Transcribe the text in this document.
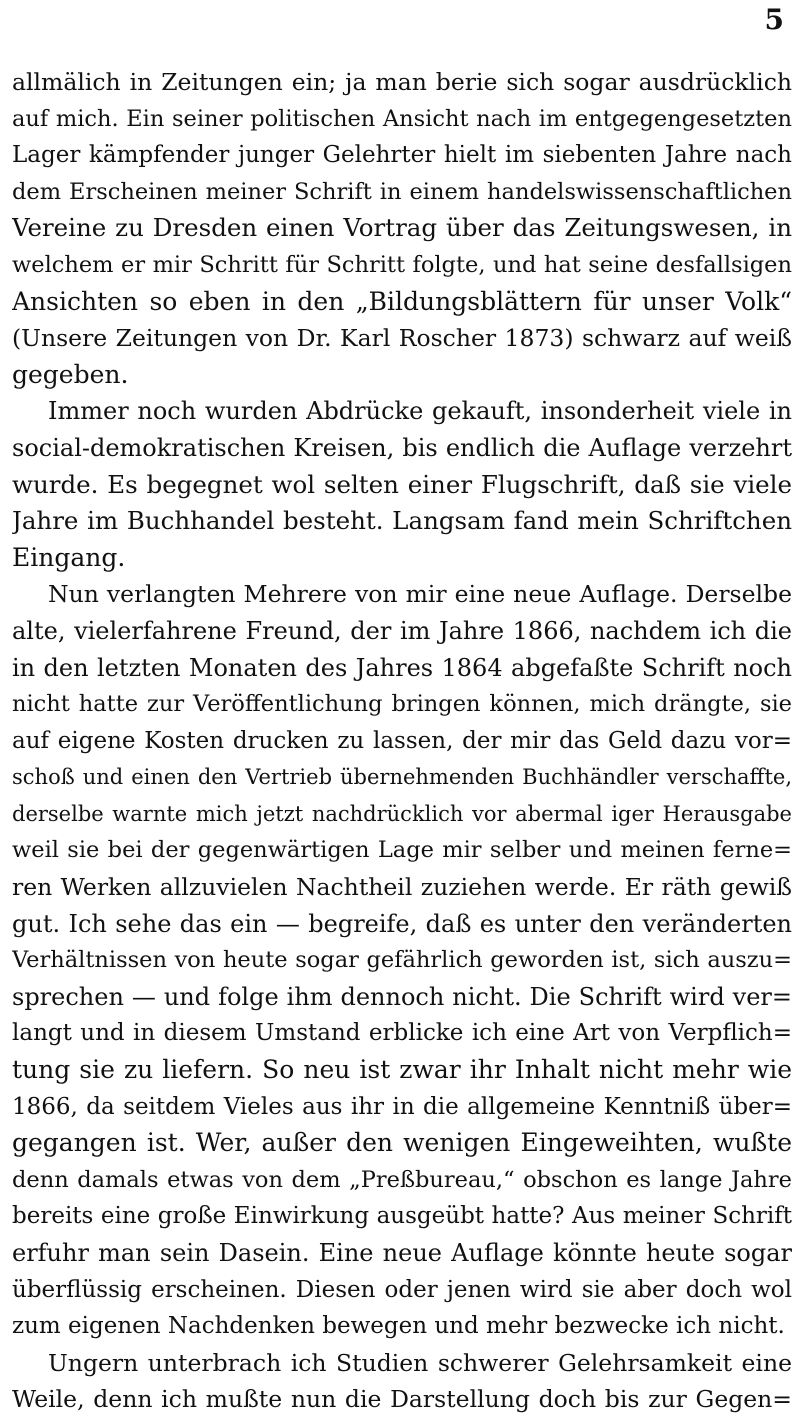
5
allmälich in Zeitungen ein; ja man berie sich sogar ausdrücklich
auf mich. Ein seiner politischen Ansicht nach im entgegengesetzten
Lager kämpfender junger Gelehrter hielt im siebenten Jahre nach
dem Erscheinen meiner Schrift in einem handelswissenschaftlichen
Vereine zu Dresden einen Vortrag über das Zeitungswesen, in
welchem er mir Schritt für Schritt folgte, und hat seine desfallsigen
Ansichten so eben in den „Bildungsblättern für unser Volk“
(Unsere Zeitungen von Dr. Karl Roscher 1873) schwarz auf weiß
gegeben.
Immer noch wurden Abdrücke gekauft, insonderheit viele in
social-demokratischen Kreisen, bis endlich die Auflage verzehrt
wurde. Es begegnet wol selten einer Flugschrift, daß sie viele
Jahre im Buchhandel besteht. Langsam fand mein Schriftchen
Eingang.
Nun verlangten Mehrere von mir eine neue Auflage. Derselbe
alte, vielerfahrene Freund, der im Jahre 1866, nachdem ich die
in den letzten Monaten des Jahres 1864 abgefaßte Schrift noch
nicht hatte zur Veröffentlichung bringen können, mich drängte, sie
auf eigene Kosten drucken zu lassen, der mir das Geld dazu vor=
schoß und einen den Vertrieb übernehmenden Buchhändler verschaffte,
derselbe warnte mich jetzt nachdrücklich vor abermal iger Herausgabe
weil sie bei der gegenwärtigen Lage mir selber und meinen ferne=
ren Werken allzuvielen Nachtheil zuziehen werde. Er räth gewiß
gut. Ich sehe das ein — begreife, daß es unter den veränderten
Verhältnissen von heute sogar gefährlich geworden ist, sich auszu=
sprechen — und folge ihm dennoch nicht. Die Schrift wird ver=
langt und in diesem Umstand erblicke ich eine Art von Verpflich=
tung sie zu liefern. So neu ist zwar ihr Inhalt nicht mehr wie
1866, da seitdem Vieles aus ihr in die allgemeine Kenntniß über=
gegangen ist. Wer, außer den wenigen Eingeweihten, wußte
denn damals etwas von dem „Preßbureau,“ obschon es lange Jahre
bereits eine große Einwirkung ausgeübt hatte? Aus meiner Schrift
erfuhr man sein Dasein. Eine neue Auflage könnte heute sogar
überflüssig erscheinen. Diesen oder jenen wird sie aber doch wol
zum eigenen Nachdenken bewegen und mehr bezwecke ich nicht.
Ungern unterbrach ich Studien schwerer Gelehrsamkeit eine
Weile, denn ich mußte nun die Darstellung doch bis zur Gegen=
